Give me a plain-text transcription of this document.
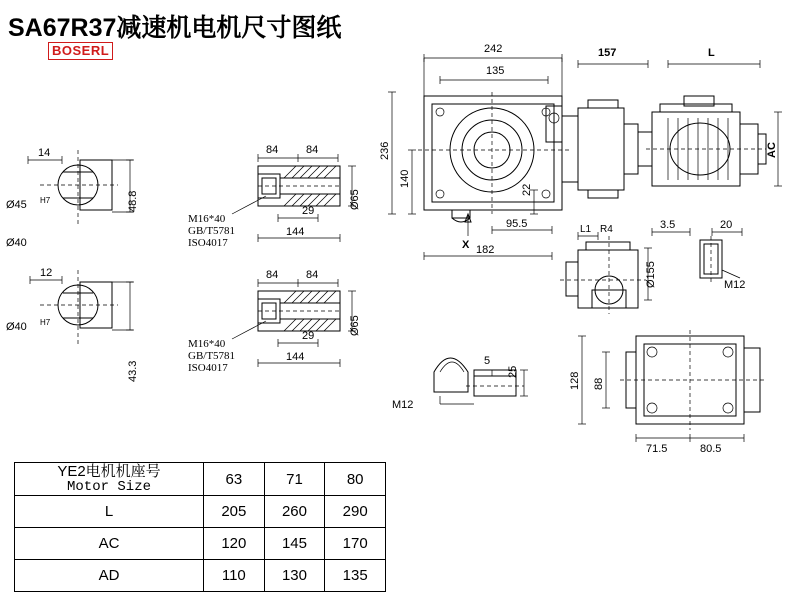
SA67R37减速机电机尺寸图纸
BOSERL
14
Ø45 H7
Ø40
48.8
12
Ø40 H7
43.3
84	84
29
144
Ø65
M16*40
GB/T5781
ISO4017
84	84
29
144
Ø65
M16*40
GB/T5781
ISO4017
242
135
157	L
236
140
22
AC
X
95.5
182
L1 R4	3.5	20
Ø155	M12
5
25
M12
128 88
71.5	80.5
YE2电机机座号
Motor Size	63	71	80
L	205	260	290
AC	120	145	170
AD	110	130	135
